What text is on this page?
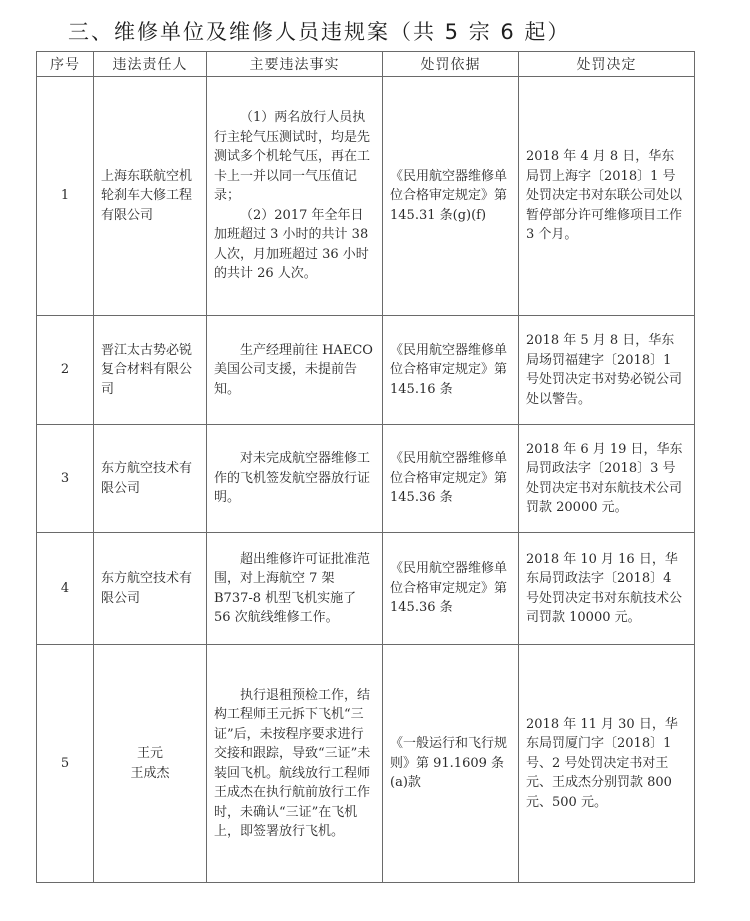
三、维修单位及维修人员违规案（共 5 宗 6 起）
序号	违法责任人	主要违法事实	处罚依据	处罚决定
1	上海东联航空机轮刹车大修工程有限公司	（1）两名放行人员执行主轮气压测试时，均是先测试多个机轮气压，再在工卡上一并以同一气压值记录；

（2）2017 年全年日加班超过 3 小时的共计 38 人次，月加班超过 36 小时的共计 26 人次。	《民用航空器维修单位合格审定规定》第 145.31 条(g)(f)	2018 年 4 月 8 日，华东局罚上海字〔2018〕1 号处罚决定书对东联公司处以暂停部分许可维修项目工作 3 个月。
2	晋江太古势必锐复合材料有限公司	生产经理前往 HAECO 美国公司支援，未提前告知。	《民用航空器维修单位合格审定规定》第 145.16 条	2018 年 5 月 8 日，华东局场罚福建字〔2018〕1 号处罚决定书对势必锐公司处以警告。
3	东方航空技术有限公司	对未完成航空器维修工作的飞机签发航空器放行证明。	《民用航空器维修单位合格审定规定》第 145.36 条	2018 年 6 月 19 日，华东局罚政法字〔2018〕3 号处罚决定书对东航技术公司罚款 20000 元。
4	东方航空技术有限公司	超出维修许可证批准范围，对上海航空 7 架 B737-8 机型飞机实施了 56 次航线维修工作。	《民用航空器维修单位合格审定规定》第 145.36 条	2018 年 10 月 16 日，华东局罚政法字〔2018〕4 号处罚决定书对东航技术公司罚款 10000 元。
5	王元
王成杰	执行退租预检工作，结构工程师王元拆下飞机“三证”后，未按程序要求进行交接和跟踪，导致“三证”未装回飞机。航线放行工程师王成杰在执行航前放行工作时，未确认“三证”在飞机上，即签署放行飞机。	《一般运行和飞行规则》第 91.1609 条(a)款	2018 年 11 月 30 日，华东局罚厦门字〔2018〕1 号、2 号处罚决定书对王元、王成杰分别罚款 800 元、500 元。
